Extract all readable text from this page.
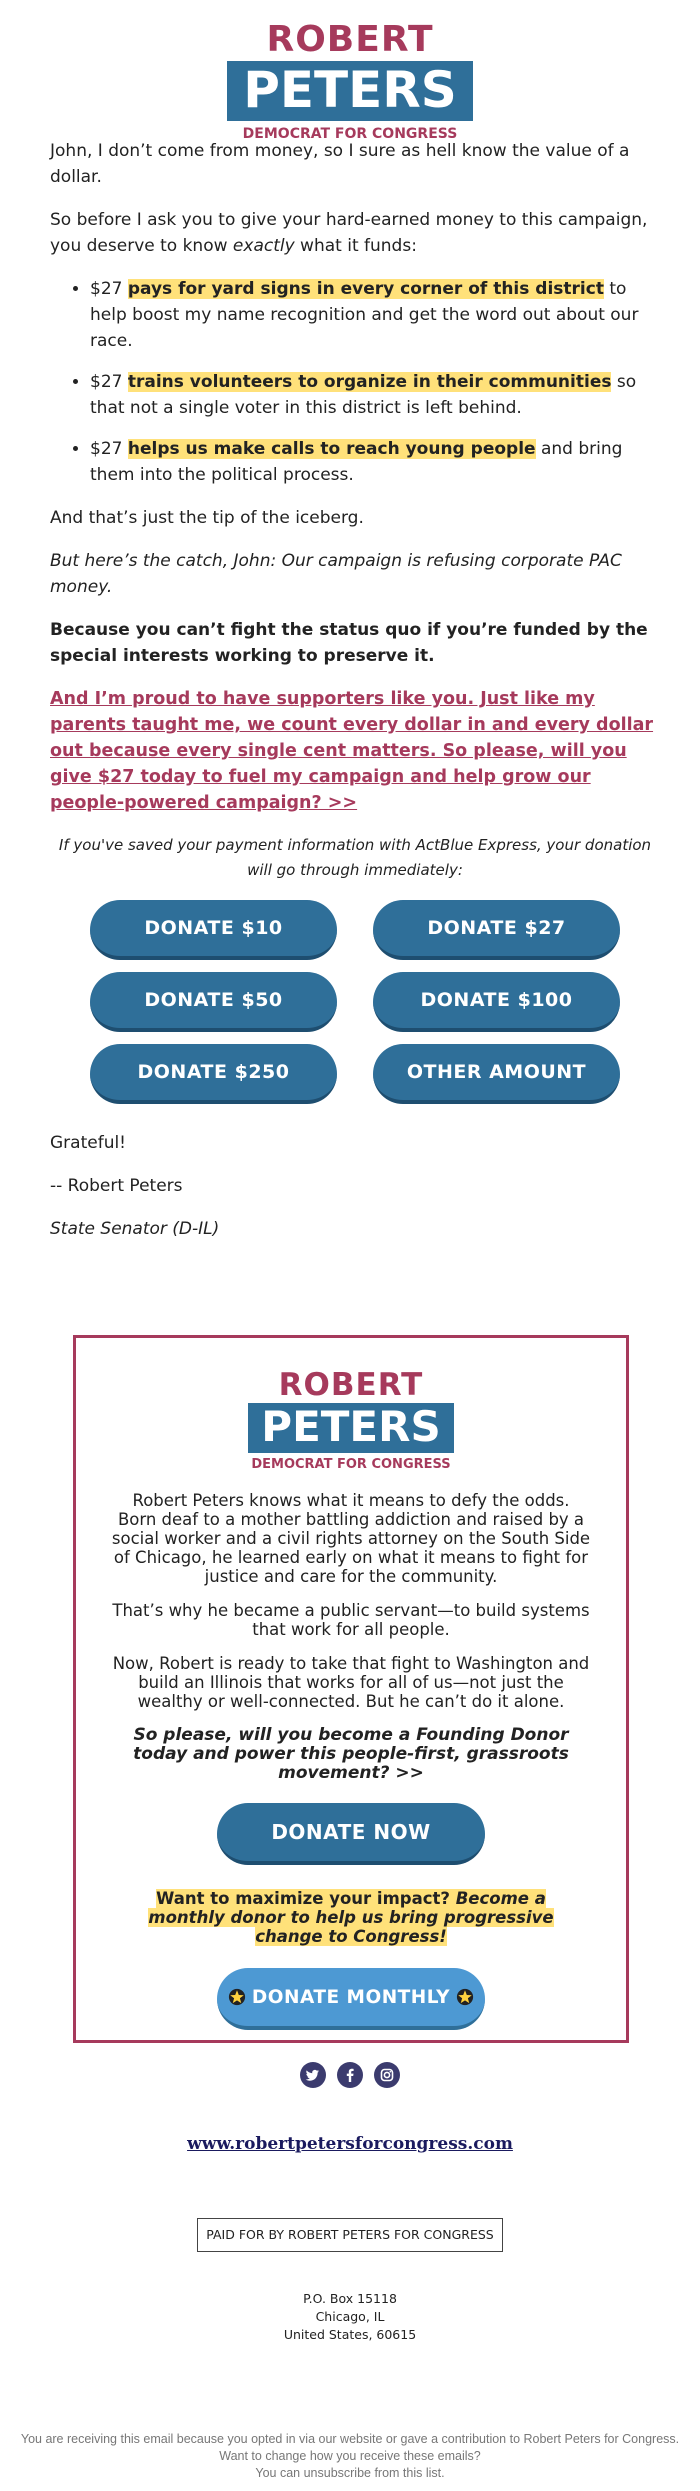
ROBERT
PETERS
DEMOCRAT FOR CONGRESS

John, I don’t come from money, so I sure as hell know the value of a dollar.

So before I ask you to give your hard-earned money to this campaign, you deserve to know exactly what it funds:

• $27 pays for yard signs in every corner of this district to help boost my name recognition and get the word out about our race.
• $27 trains volunteers to organize in their communities so that not a single voter in this district is left behind.
• $27 helps us make calls to reach young people and bring them into the political process.

And that’s just the tip of the iceberg.

But here’s the catch, John: Our campaign is refusing corporate PAC money.

Because you can’t fight the status quo if you’re funded by the special interests working to preserve it.

And I’m proud to have supporters like you. Just like my parents taught me, we count every dollar in and every dollar out because every single cent matters. So please, will you give $27 today to fuel my campaign and help grow our people-powered campaign? >>

If you've saved your payment information with ActBlue Express, your donation will go through immediately:

DONATE $10	DONATE $27
DONATE $50	DONATE $100
DONATE $250	OTHER AMOUNT

Grateful!

-- Robert Peters

State Senator (D-IL)

ROBERT
PETERS
DEMOCRAT FOR CONGRESS

Robert Peters knows what it means to defy the odds. Born deaf to a mother battling addiction and raised by a social worker and a civil rights attorney on the South Side of Chicago, he learned early on what it means to fight for justice and care for the community.

That’s why he became a public servant—to build systems that work for all people.

Now, Robert is ready to take that fight to Washington and build an Illinois that works for all of us—not just the wealthy or well-connected. But he can’t do it alone.

So please, will you become a Founding Donor today and power this people-first, grassroots movement? >>

DONATE NOW
Want to maximize your impact? Become a monthly donor to help us bring progressive change to Congress!
DONATE MONTHLY

www.robertpetersforcongress.com
PAID FOR BY ROBERT PETERS FOR CONGRESS
P.O. Box 15118
Chicago, IL
United States, 60615
You are receiving this email because you opted in via our website or gave a contribution to Robert Peters for Congress. Want to change how you receive these emails?
You can unsubscribe from this list.
